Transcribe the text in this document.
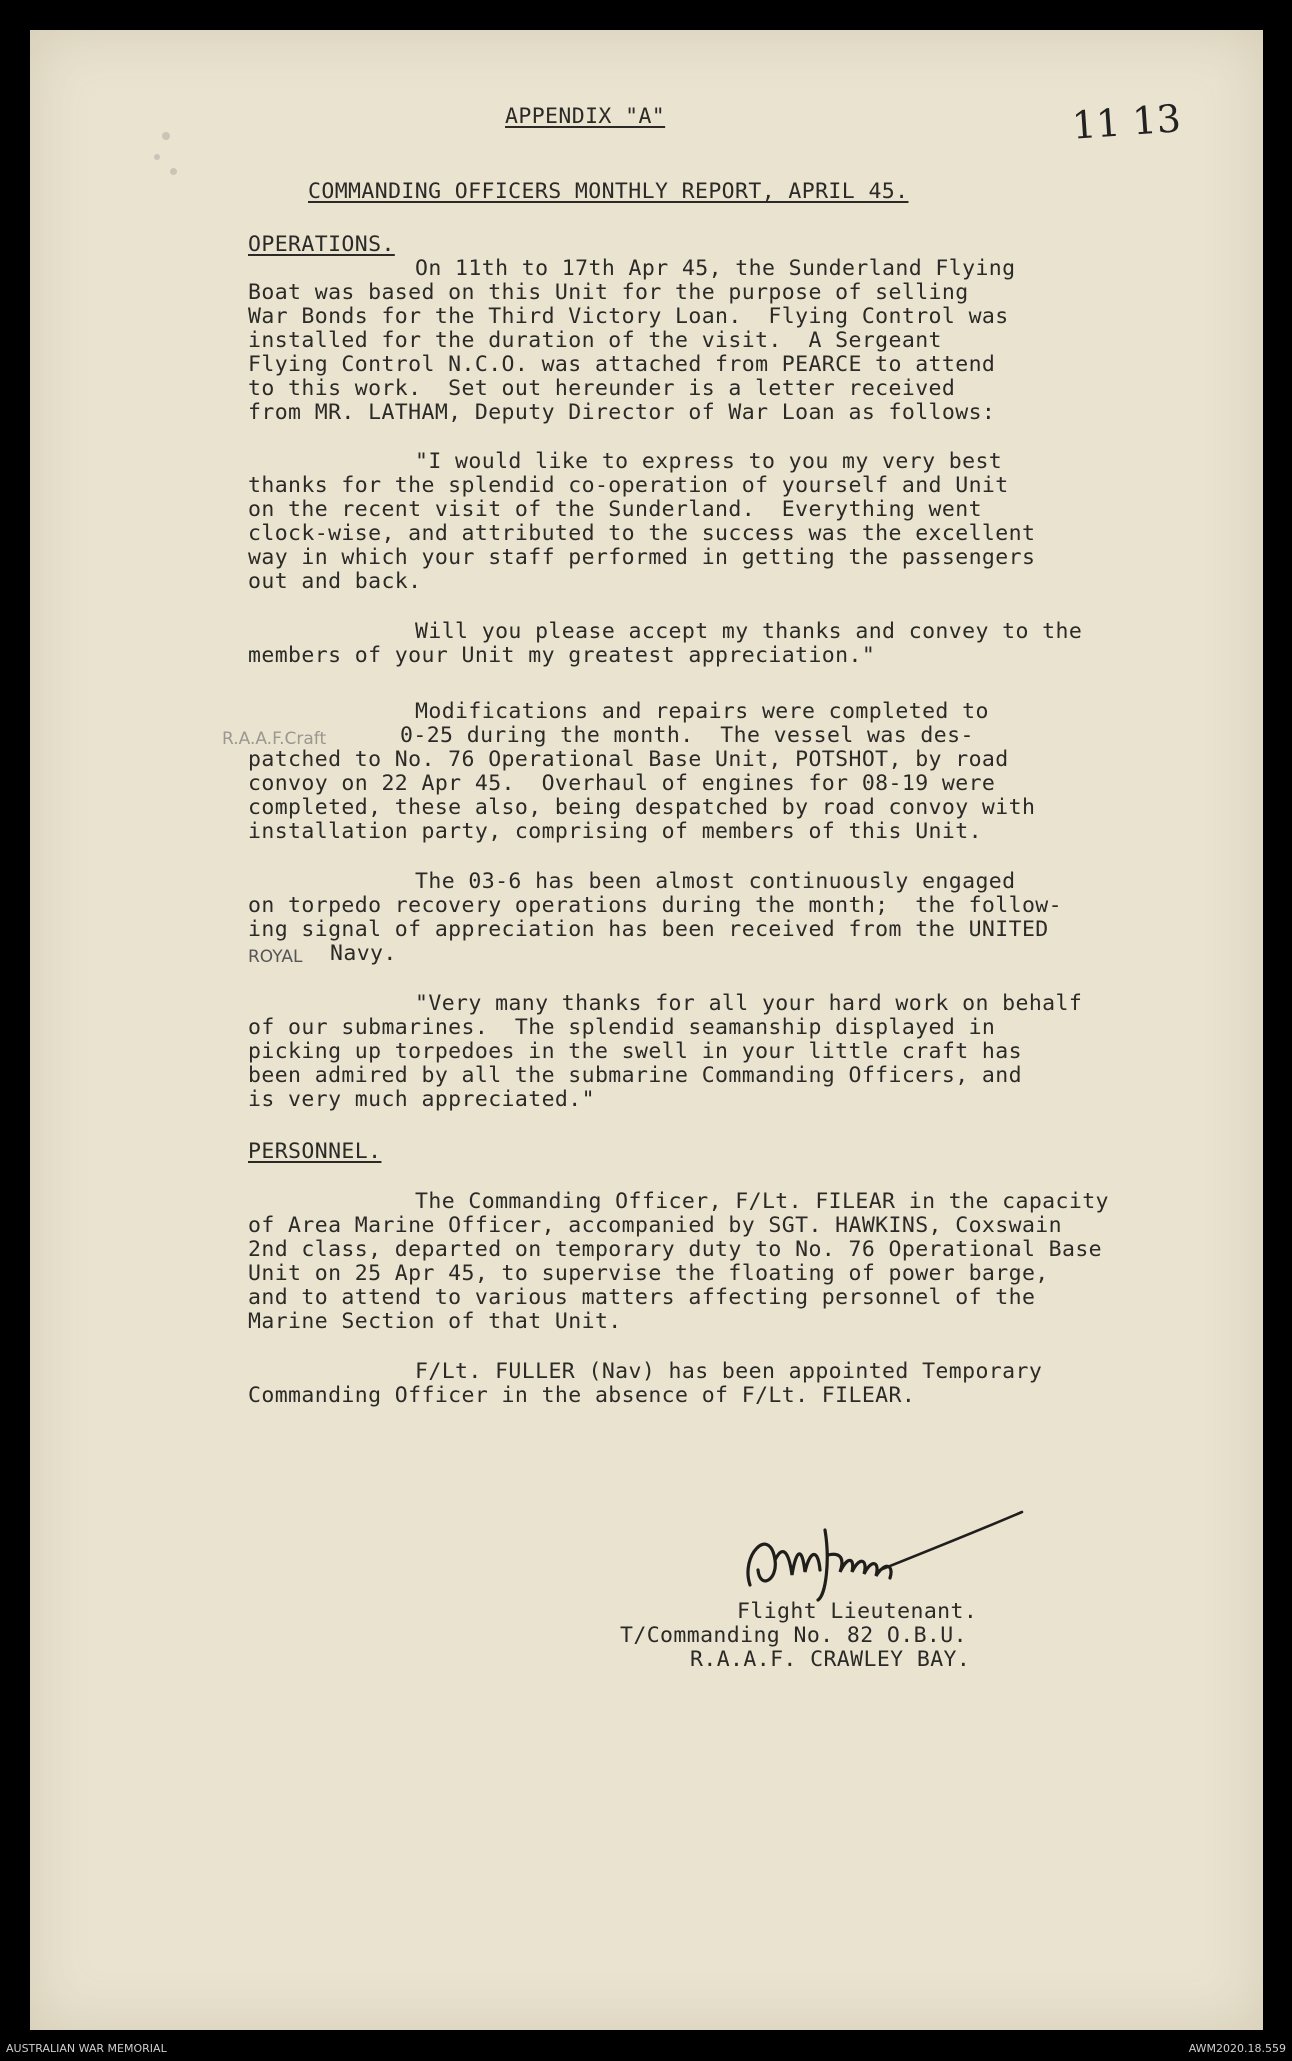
11 13
APPENDIX "A"
COMMANDING OFFICERS MONTHLY REPORT, APRIL 45.
OPERATIONS.
On 11th to 17th Apr 45, the Sunderland Flying
Boat was based on this Unit for the purpose of selling
War Bonds for the Third Victory Loan.  Flying Control was
installed for the duration of the visit.  A Sergeant
Flying Control N.C.O. was attached from PEARCE to attend
to this work.  Set out hereunder is a letter received
from MR. LATHAM, Deputy Director of War Loan as follows:
"I would like to express to you my very best
thanks for the splendid co-operation of yourself and Unit
on the recent visit of the Sunderland.  Everything went
clock-wise, and attributed to the success was the excellent
way in which your staff performed in getting the passengers
out and back.
Will you please accept my thanks and convey to the
members of your Unit my greatest appreciation."
Modifications and repairs were completed to
R.A.A.F.Craft	0-25 during the month.  The vessel was des-
patched to No. 76 Operational Base Unit, POTSHOT, by road
convoy on 22 Apr 45.  Overhaul of engines for 08-19 were
completed, these also, being despatched by road convoy with
installation party, comprising of members of this Unit.
The 03-6 has been almost continuously engaged
on torpedo recovery operations during the month;  the follow-
ing signal of appreciation has been received from the UNITED
ROYAL Navy.
"Very many thanks for all your hard work on behalf
of our submarines.  The splendid seamanship displayed in
picking up torpedoes in the swell in your little craft has
been admired by all the submarine Commanding Officers, and
is very much appreciated."
PERSONNEL.
The Commanding Officer, F/Lt. FILEAR in the capacity
of Area Marine Officer, accompanied by SGT. HAWKINS, Coxswain
2nd class, departed on temporary duty to No. 76 Operational Base
Unit on 25 Apr 45, to supervise the floating of power barge,
and to attend to various matters affecting personnel of the
Marine Section of that Unit.
F/Lt. FULLER (Nav) has been appointed Temporary
Commanding Officer in the absence of F/Lt. FILEAR.
Flight Lieutenant.
T/Commanding No. 82 O.B.U.
R.A.A.F. CRAWLEY BAY.
AUSTRALIAN WAR MEMORIAL	AWM2020.18.559
